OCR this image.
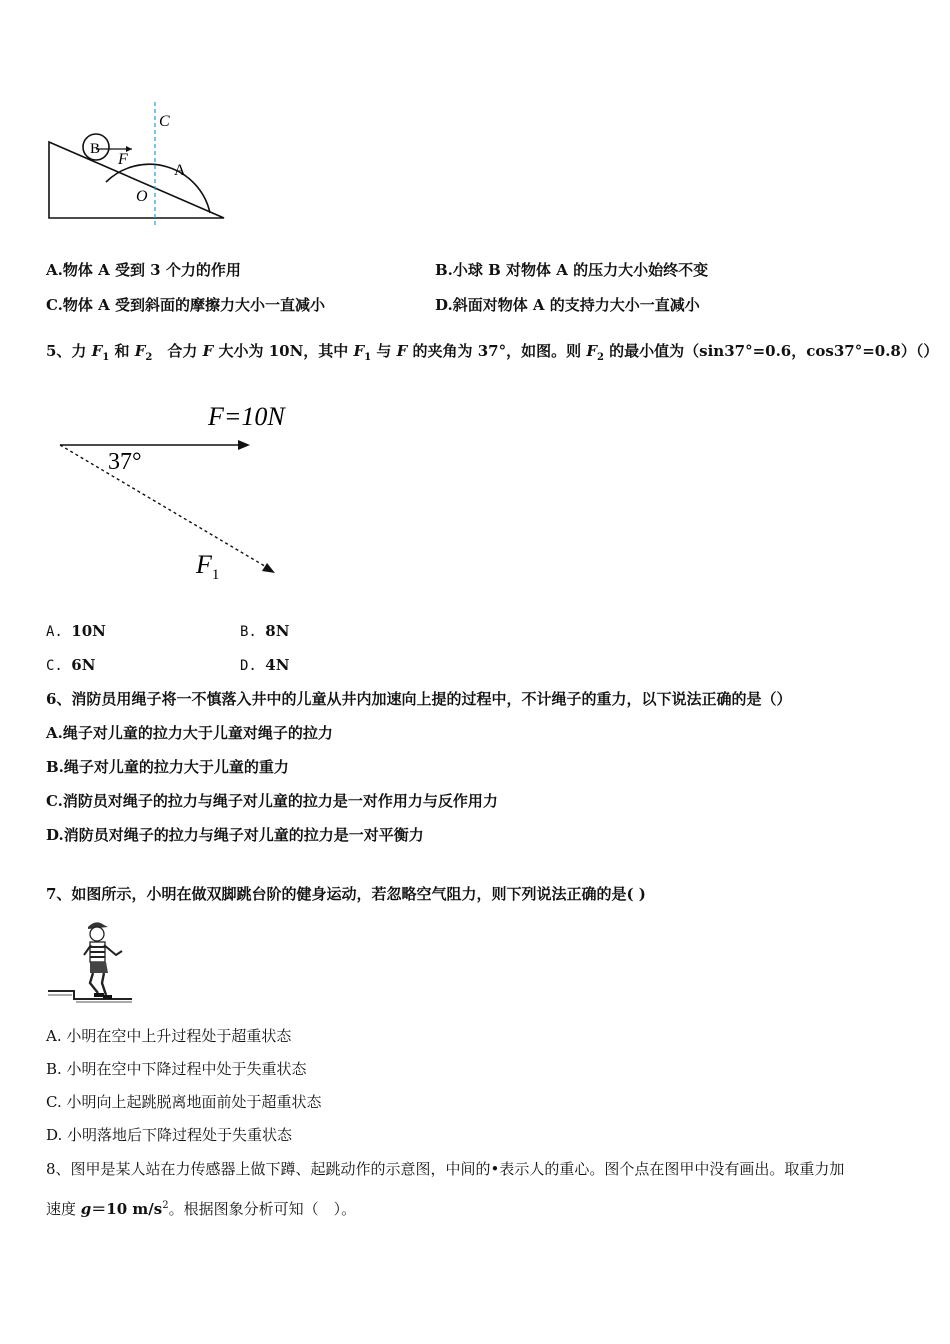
C
B
F
A
O
A.物体 A 受到 3 个力的作用	B.小球 B 对物体 A 的压力大小始终不变
C.物体 A 受到斜面的摩擦力大小一直减小	D.斜面对物体 A 的支持力大小一直减小
5、力 $F_1$ 和 $F_2$　合力 F 大小为 10N，其中 $F_1$ 与 F 的夹角为 37°，如图。则 $F_2$ 的最小值为（sin37°=0.6，cos37°=0.8）（）
F=10N
37°
$F_1$
A. 10N	B. 8N
C. 6N	D. 4N
6、消防员用绳子将一不慎落入井中的儿童从井内加速向上提的过程中，不计绳子的重力，以下说法正确的是（）
A.绳子对儿童的拉力大于儿童对绳子的拉力
B.绳子对儿童的拉力大于儿童的重力
C.消防员对绳子的拉力与绳子对儿童的拉力是一对作用力与反作用力
D.消防员对绳子的拉力与绳子对儿童的拉力是一对平衡力
7、如图所示，小明在做双脚跳台阶的健身运动，若忽略空气阻力，则下列说法正确的是( )
A. 小明在空中上升过程处于超重状态
B. 小明在空中下降过程中处于失重状态
C. 小明向上起跳脱离地面前处于超重状态
D. 小明落地后下降过程处于失重状态
8、图甲是某人站在力传感器上做下蹲、起跳动作的示意图，中间的•表示人的重心。图个点在图甲中没有画出。取重力加
速度 g＝10 $m/s^2$。根据图象分析可知（　）。
